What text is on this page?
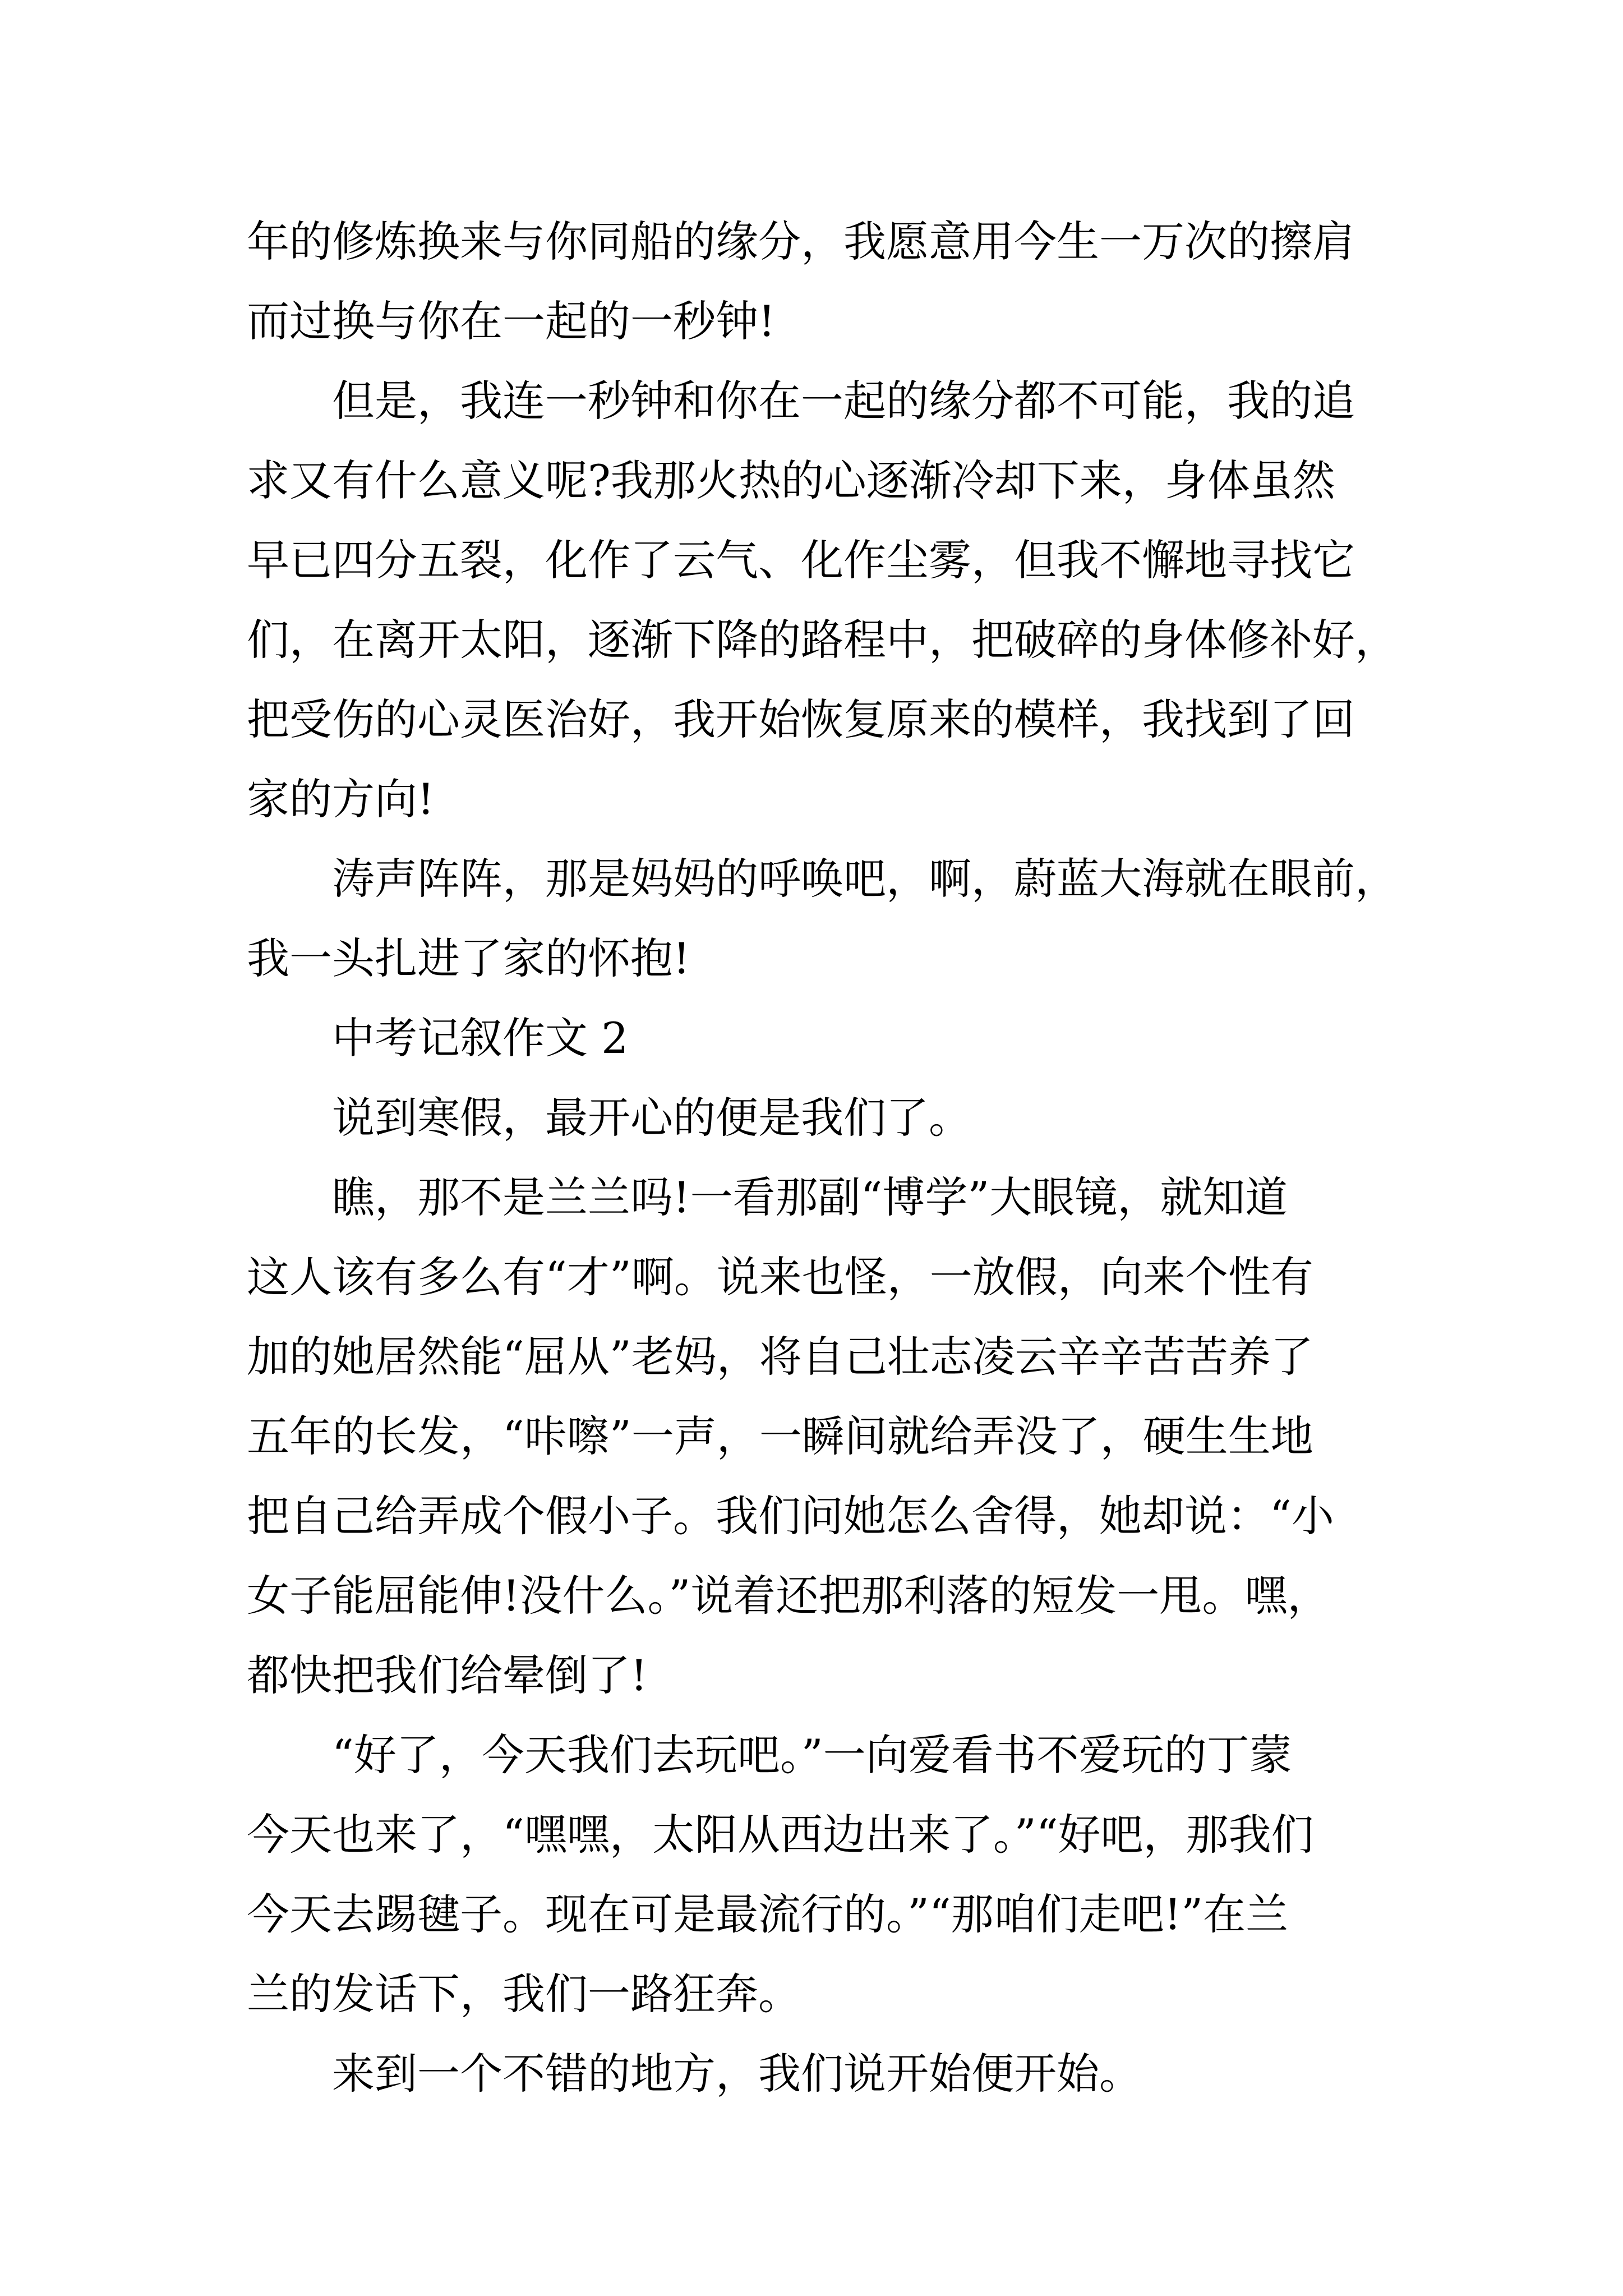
年的修炼换来与你同船的缘分，我愿意用今生一万次的擦肩
而过换与你在一起的一秒钟!
但是，我连一秒钟和你在一起的缘分都不可能，我的追
求又有什么意义呢?我那火热的心逐渐冷却下来，身体虽然
早已四分五裂，化作了云气、化作尘雾，但我不懈地寻找它
们，在离开太阳，逐渐下降的路程中，把破碎的身体修补好，
把受伤的心灵医治好，我开始恢复原来的模样，我找到了回
家的方向!
涛声阵阵，那是妈妈的呼唤吧，啊，蔚蓝大海就在眼前，
我一头扎进了家的怀抱!
中考记叙作文 2
说到寒假，最开心的便是我们了。
瞧，那不是兰兰吗!一看那副“博学”大眼镜，就知道
这人该有多么有“才”啊。说来也怪，一放假，向来个性有
加的她居然能“屈从”老妈，将自己壮志凌云辛辛苦苦养了
五年的长发，“咔嚓”一声，一瞬间就给弄没了，硬生生地
把自己给弄成个假小子。我们问她怎么舍得，她却说：“小
女子能屈能伸!没什么。”说着还把那利落的短发一甩。嘿，
都快把我们给晕倒了!
“好了，今天我们去玩吧。”一向爱看书不爱玩的丁蒙
今天也来了，“嘿嘿，太阳从西边出来了。”“好吧，那我们
今天去踢毽子。现在可是最流行的。”“那咱们走吧!”在兰
兰的发话下，我们一路狂奔。
来到一个不错的地方，我们说开始便开始。
